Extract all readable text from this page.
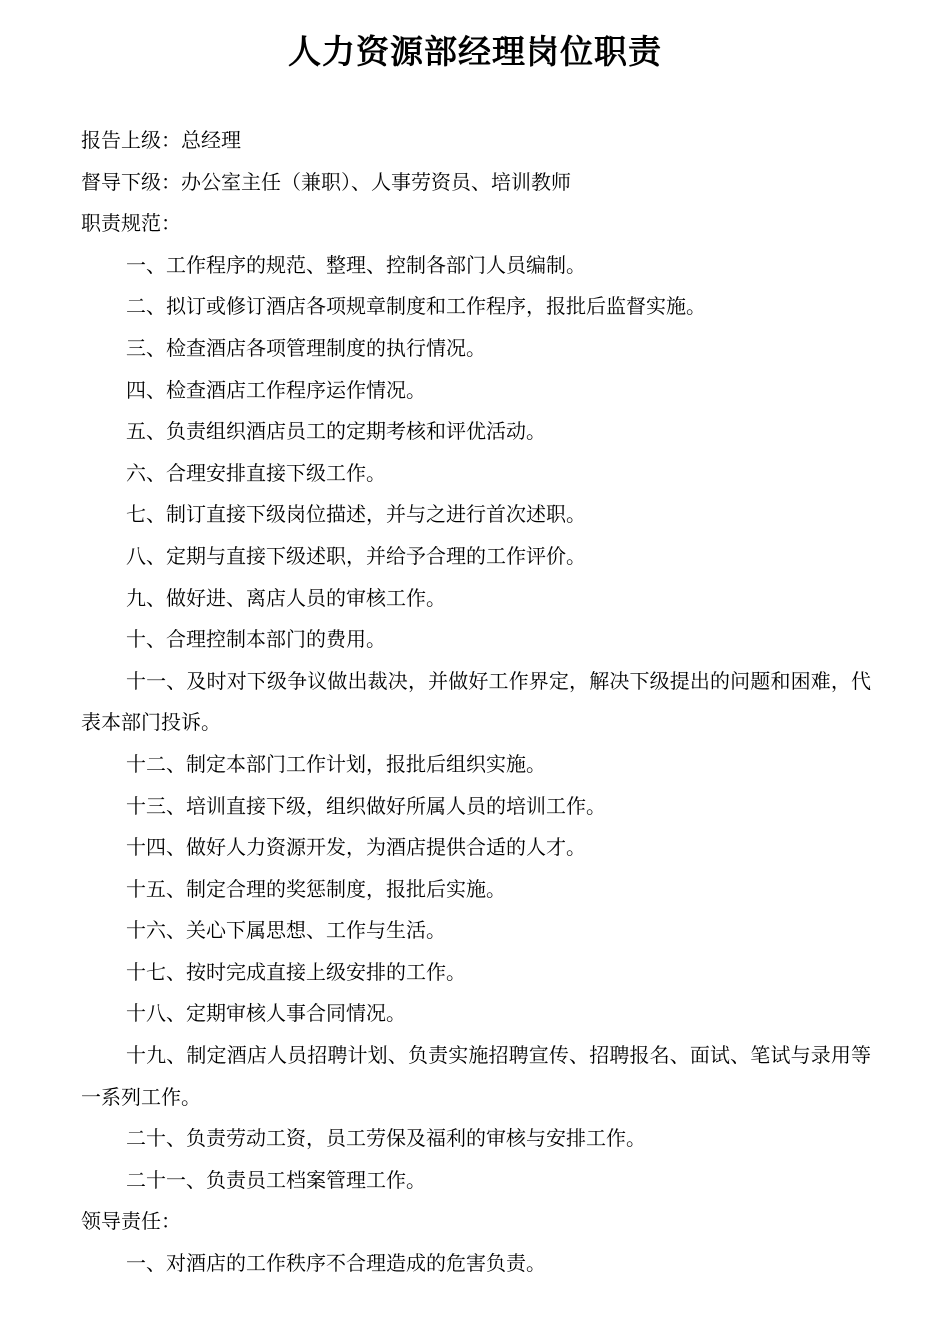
人力资源部经理岗位职责

报告上级：总经理

督导下级：办公室主任（兼职）、人事劳资员、培训教师

职责规范：

一、工作程序的规范、整理、控制各部门人员编制。

二、拟订或修订酒店各项规章制度和工作程序，报批后监督实施。

三、检查酒店各项管理制度的执行情况。

四、检查酒店工作程序运作情况。

五、负责组织酒店员工的定期考核和评优活动。

六、合理安排直接下级工作。

七、制订直接下级岗位描述，并与之进行首次述职。

八、定期与直接下级述职，并给予合理的工作评价。

九、做好进、离店人员的审核工作。

十、合理控制本部门的费用。

十一、及时对下级争议做出裁决，并做好工作界定，解决下级提出的问题和困难，代表本部门投诉。

十二、制定本部门工作计划，报批后组织实施。

十三、培训直接下级，组织做好所属人员的培训工作。

十四、做好人力资源开发，为酒店提供合适的人才。

十五、制定合理的奖惩制度，报批后实施。

十六、关心下属思想、工作与生活。

十七、按时完成直接上级安排的工作。

十八、定期审核人事合同情况。

十九、制定酒店人员招聘计划、负责实施招聘宣传、招聘报名、面试、笔试与录用等一系列工作。

二十、负责劳动工资，员工劳保及福利的审核与安排工作。

二十一、负责员工档案管理工作。

领导责任：

一、对酒店的工作秩序不合理造成的危害负责。
